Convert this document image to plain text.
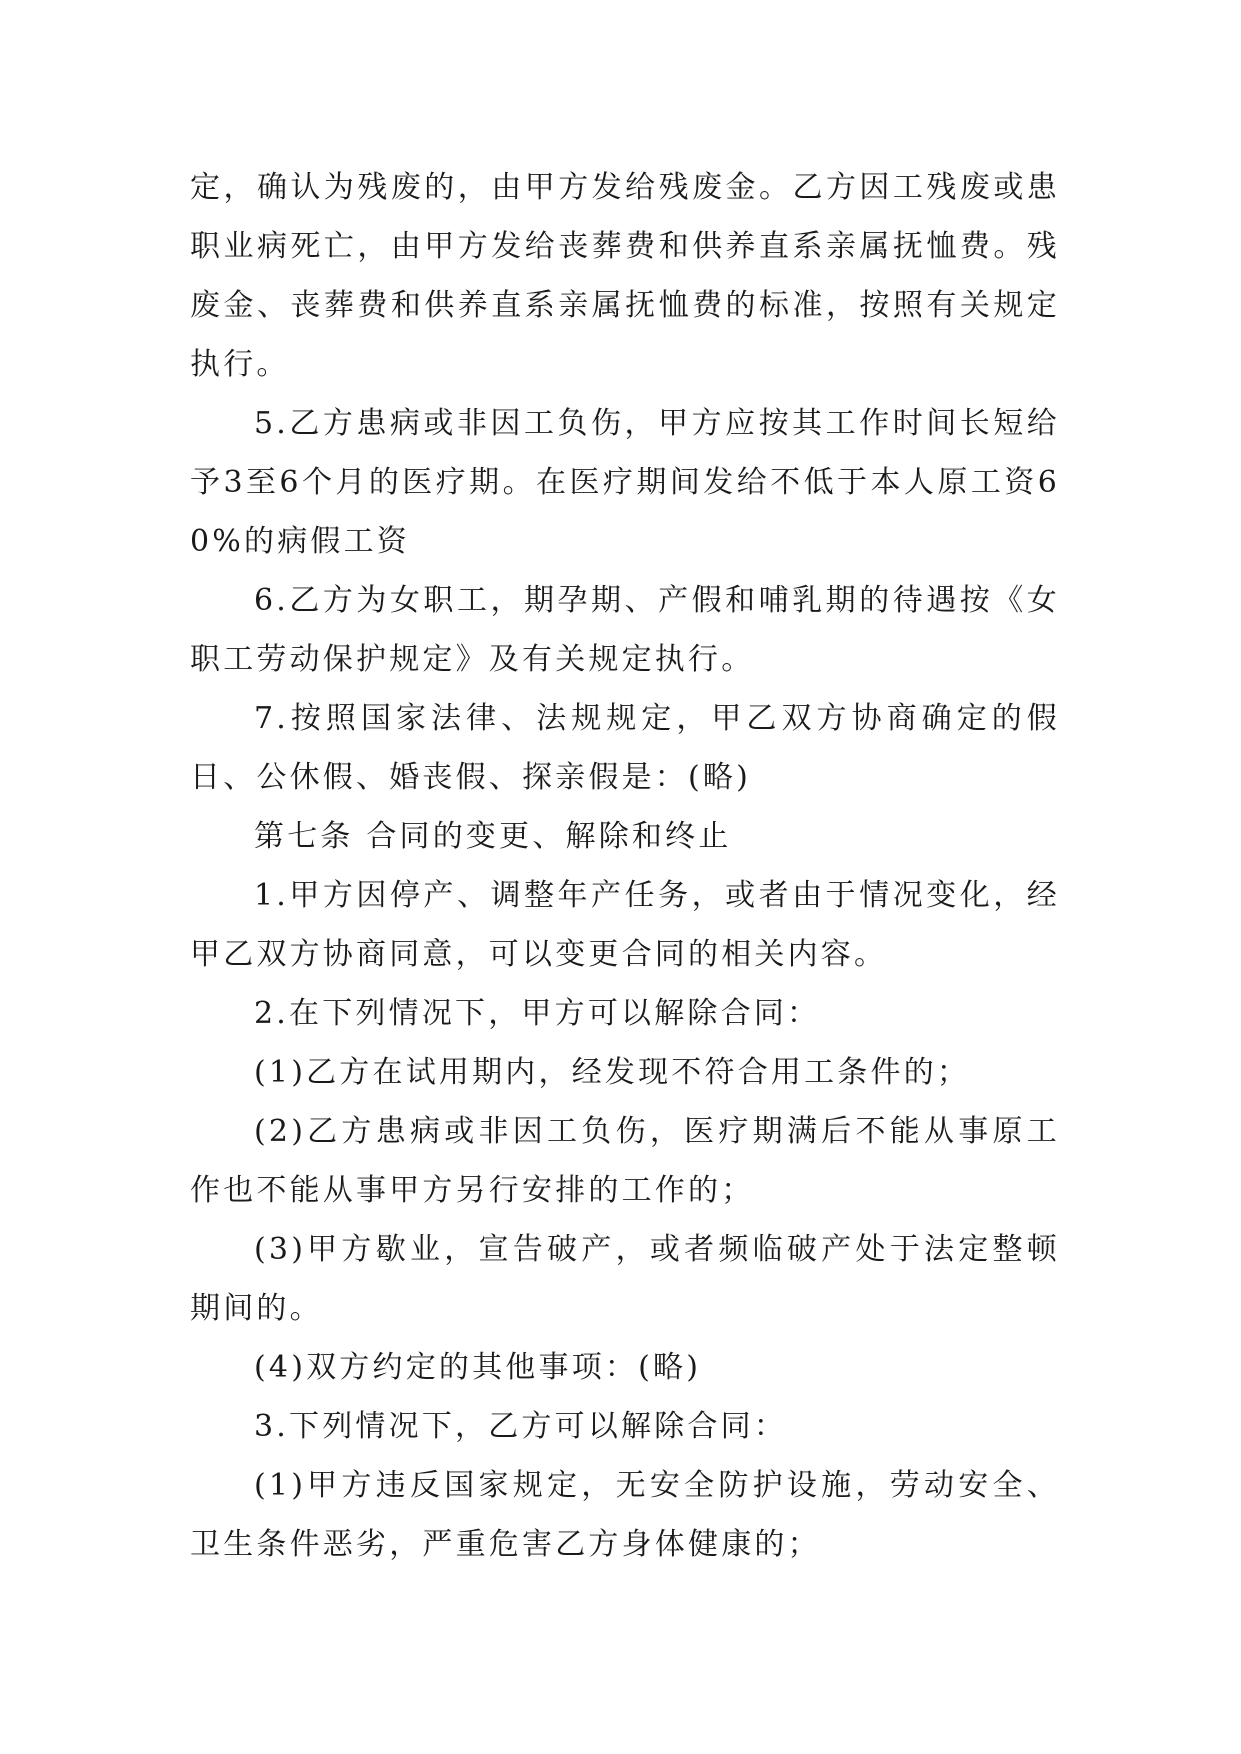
定，确认为残废的，由甲方发给残废金。乙方因工残废或患职业病死亡，由甲方发给丧葬费和供养直系亲属抚恤费。残废金、丧葬费和供养直系亲属抚恤费的标准，按照有关规定执行。

5.乙方患病或非因工负伤，甲方应按其工作时间长短给予3至6个月的医疗期。在医疗期间发给不低于本人原工资60%的病假工资

6.乙方为女职工，期孕期、产假和哺乳期的待遇按《女职工劳动保护规定》及有关规定执行。

7.按照国家法律、法规规定，甲乙双方协商确定的假日、公休假、婚丧假、探亲假是：(略)

第七条 合同的变更、解除和终止

1.甲方因停产、调整年产任务，或者由于情况变化，经甲乙双方协商同意，可以变更合同的相关内容。

2.在下列情况下，甲方可以解除合同：

(1)乙方在试用期内，经发现不符合用工条件的；

(2)乙方患病或非因工负伤，医疗期满后不能从事原工作也不能从事甲方另行安排的工作的；

(3)甲方歇业，宣告破产，或者频临破产处于法定整顿期间的。

(4)双方约定的其他事项：(略)

3.下列情况下，乙方可以解除合同：

(1)甲方违反国家规定，无安全防护设施，劳动安全、卫生条件恶劣，严重危害乙方身体健康的；
